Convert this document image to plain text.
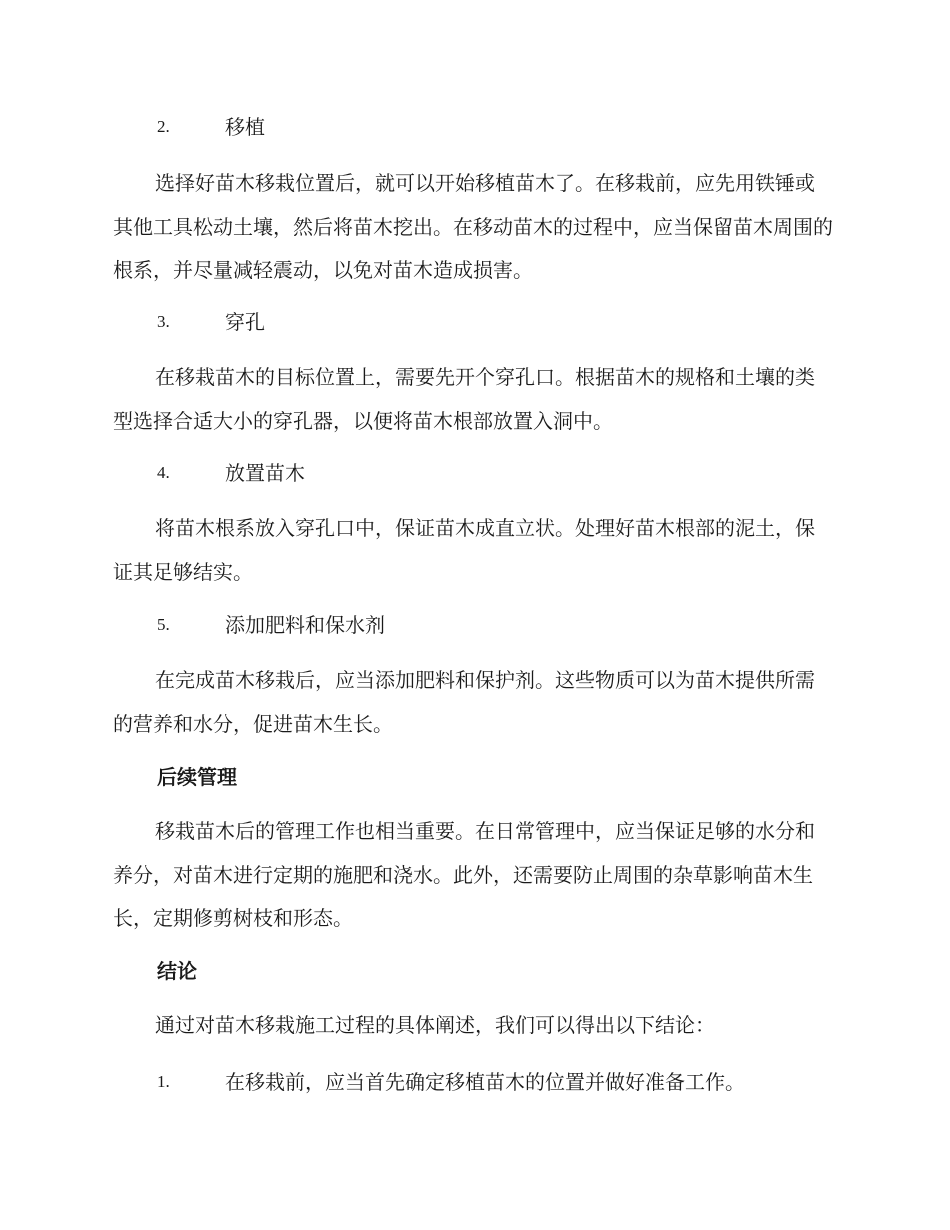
2.	移植

选择好苗木移栽位置后，就可以开始移植苗木了。在移栽前，应先用铁锤或其他工具松动土壤，然后将苗木挖出。在移动苗木的过程中，应当保留苗木周围的根系，并尽量减轻震动，以免对苗木造成损害。

3.	穿孔

在移栽苗木的目标位置上，需要先开个穿孔口。根据苗木的规格和土壤的类型选择合适大小的穿孔器，以便将苗木根部放置入洞中。

4.	放置苗木

将苗木根系放入穿孔口中，保证苗木成直立状。处理好苗木根部的泥土，保证其足够结实。

5.	添加肥料和保水剂

在完成苗木移栽后，应当添加肥料和保护剂。这些物质可以为苗木提供所需的营养和水分，促进苗木生长。

后续管理

移栽苗木后的管理工作也相当重要。在日常管理中，应当保证足够的水分和养分，对苗木进行定期的施肥和浇水。此外，还需要防止周围的杂草影响苗木生长，定期修剪树枝和形态。

结论

通过对苗木移栽施工过程的具体阐述，我们可以得出以下结论：

1.	在移栽前，应当首先确定移植苗木的位置并做好准备工作。
